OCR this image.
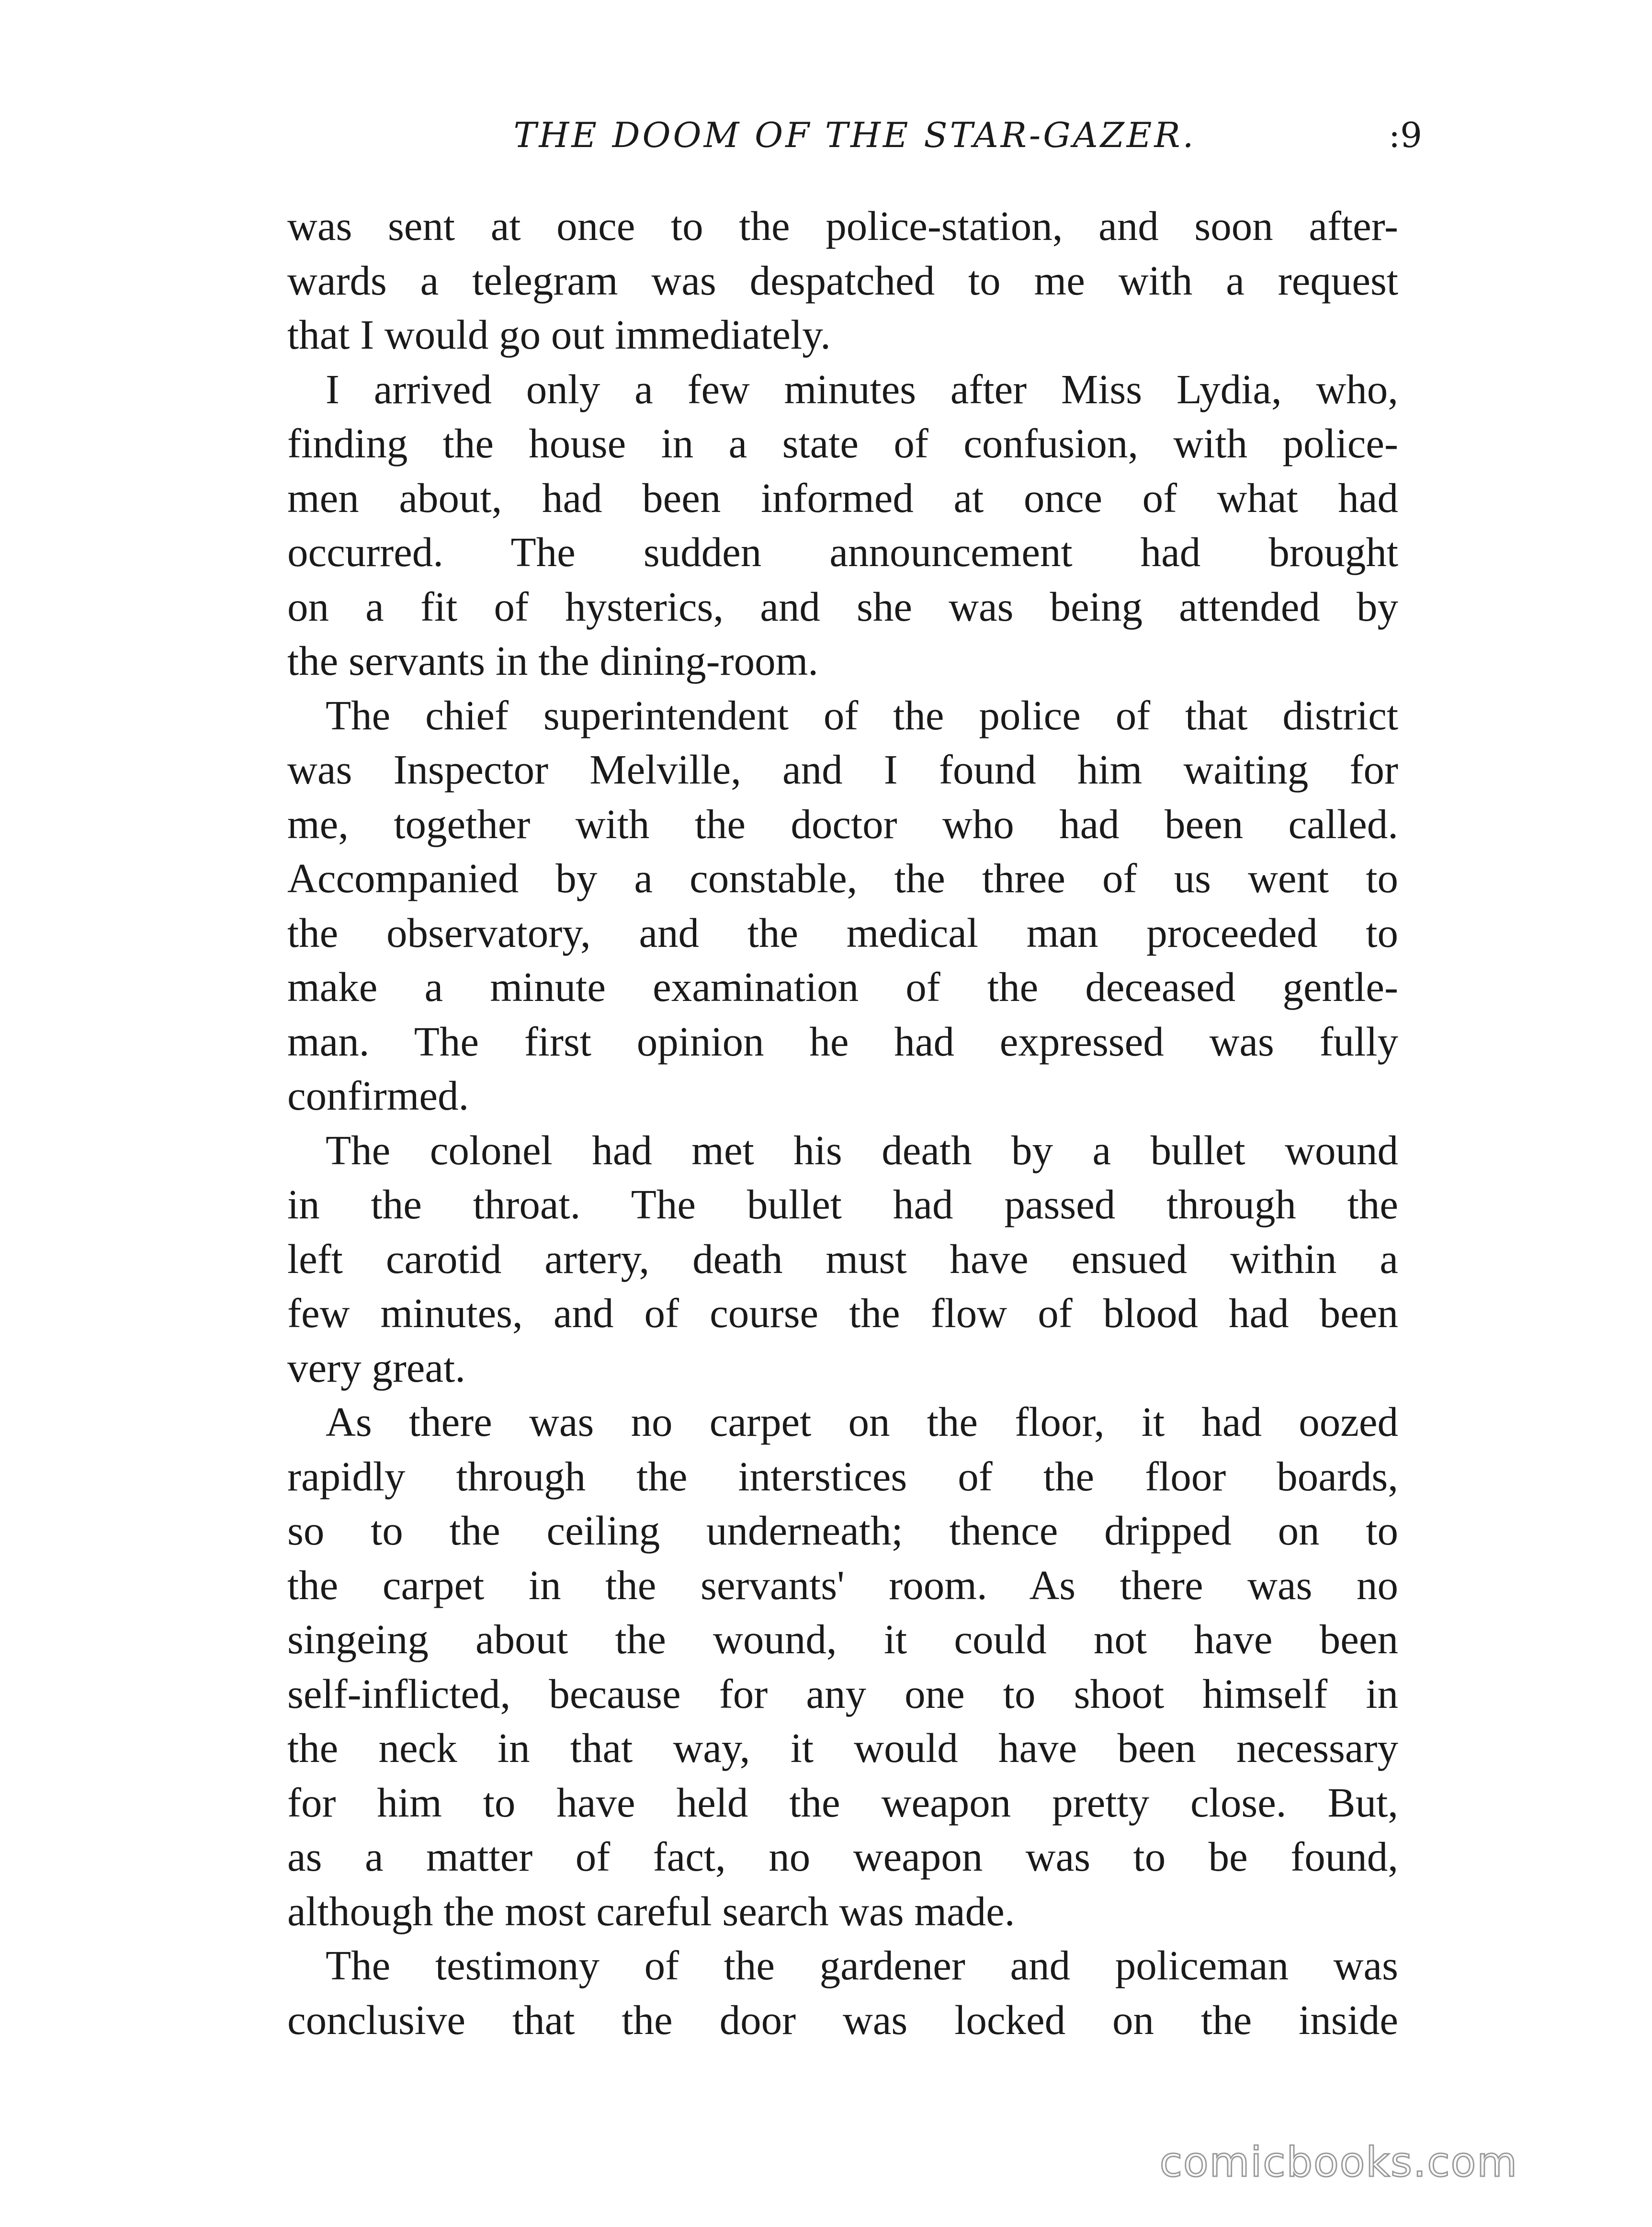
THE DOOM OF THE STAR-GAZER.	:9
was sent at once to the police-station, and soon after-
wards a telegram was despatched to me with a request
that I would go out immediately.
I arrived only a few minutes after Miss Lydia, who,
finding the house in a state of confusion, with police-
men about, had been informed at once of what had
occurred. The sudden announcement had brought
on a fit of hysterics, and she was being attended by
the servants in the dining-room.
The chief superintendent of the police of that district
was Inspector Melville, and I found him waiting for
me, together with the doctor who had been called.
Accompanied by a constable, the three of us went to
the observatory, and the medical man proceeded to
make a minute examination of the deceased gentle-
man. The first opinion he had expressed was fully
confirmed.
The colonel had met his death by a bullet wound
in the throat. The bullet had passed through the
left carotid artery, death must have ensued within a
few minutes, and of course the flow of blood had been
very great.
As there was no carpet on the floor, it had oozed
rapidly through the interstices of the floor boards,
so to the ceiling underneath; thence dripped on to
the carpet in the servants' room. As there was no
singeing about the wound, it could not have been
self-inflicted, because for any one to shoot himself in
the neck in that way, it would have been necessary
for him to have held the weapon pretty close. But,
as a matter of fact, no weapon was to be found,
although the most careful search was made.
The testimony of the gardener and policeman was
conclusive that the door was locked on the inside
comicbooks.com
